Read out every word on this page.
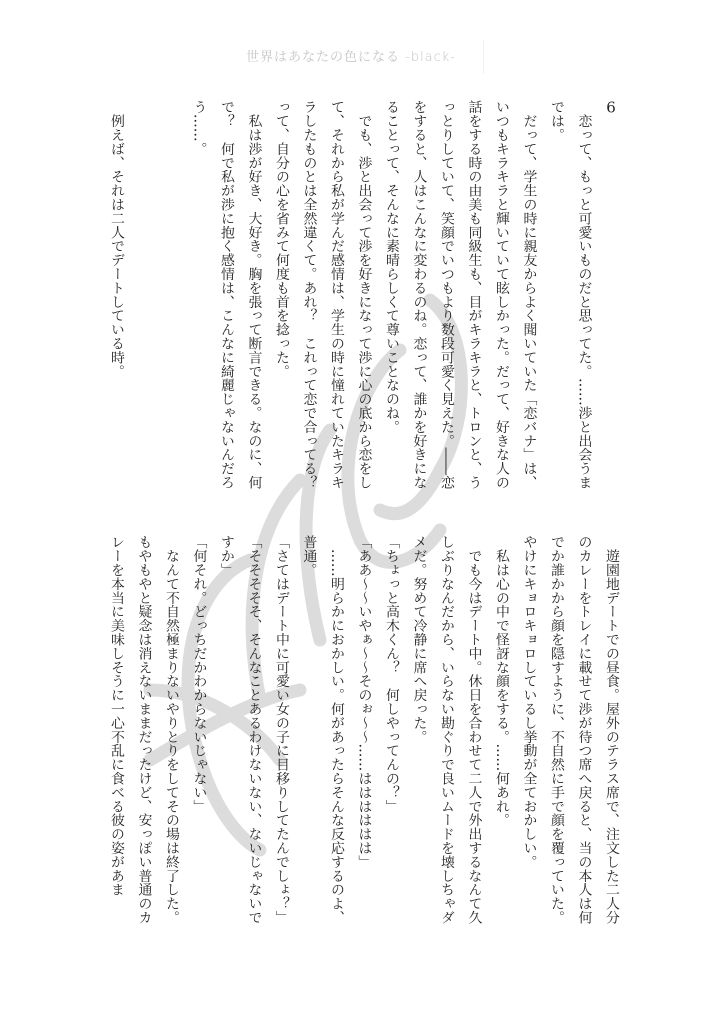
世界はあなたの色になる -black-
6
　恋って、もっと可愛いものだと思ってた。……渉と出会うま
では。
　だって、学生の時に親友からよく聞いていた「恋バナ」は、
いつもキラキラと輝いていて眩しかった。だって、好きな人の
話をする時の由美も同級生も、目がキラキラと、トロンと、う
っとりしていて、笑顔でいつもより数段可愛く見えた。――恋
をすると、人はこんなに変わるのね。恋って、誰かを好きにな
ることって、そんなに素晴らしくて尊いことなのね。
　でも、渉と出会って渉を好きになって渉に心の底から恋をし
て、それから私が学んだ感情は、学生の時に憧れていたキラキ
ラしたものとは全然違くて。あれ？　これって恋で合ってる？
って、自分の心を省みて何度も首を捻った。
　私は渉が好き、大好き。胸を張って断言できる。なのに、何
で？　何で私が渉に抱く感情は、こんなに綺麗じゃないんだろ
う……。

　例えば、それは二人でデートしている時。
　遊園地デートでの昼食。屋外のテラス席で、注文した二人分
のカレーをトレイに載せて渉が待つ席へ戻ると、当の本人は何
でか誰かから顔を隠すように、不自然に手で顔を覆っていた。
やけにキョロキョロしているし挙動が全ておかしい。
　私は心の中で怪訝な顔をする。……何あれ。
　でも今はデート中。休日を合わせて二人で外出するなんて久
しぶりなんだから、いらない勘ぐりで良いムードを壊しちゃダ
メだ。努めて冷静に席へ戻った。
「ちょっと高木くん？　何しやってんの？」
「ああ～～いやぁ～～そのぉ～～……はははははは」
　……明らかにおかしい。何があったらそんな反応するのよ、
普通。
「さてはデート中に可愛い女の子に目移りしてたんでしょ？」
「そそそそそ、そんなことあるわけないない、ないじゃないで
すか」
「何それ。どっちだかわからないじゃない」
　なんて不自然極まりないやりとりをしてその場は終了した。
もやもやと疑念は消えないままだったけど、安っぽい普通のカ
レーを本当に美味しそうに一心不乱に食べる彼の姿があま
